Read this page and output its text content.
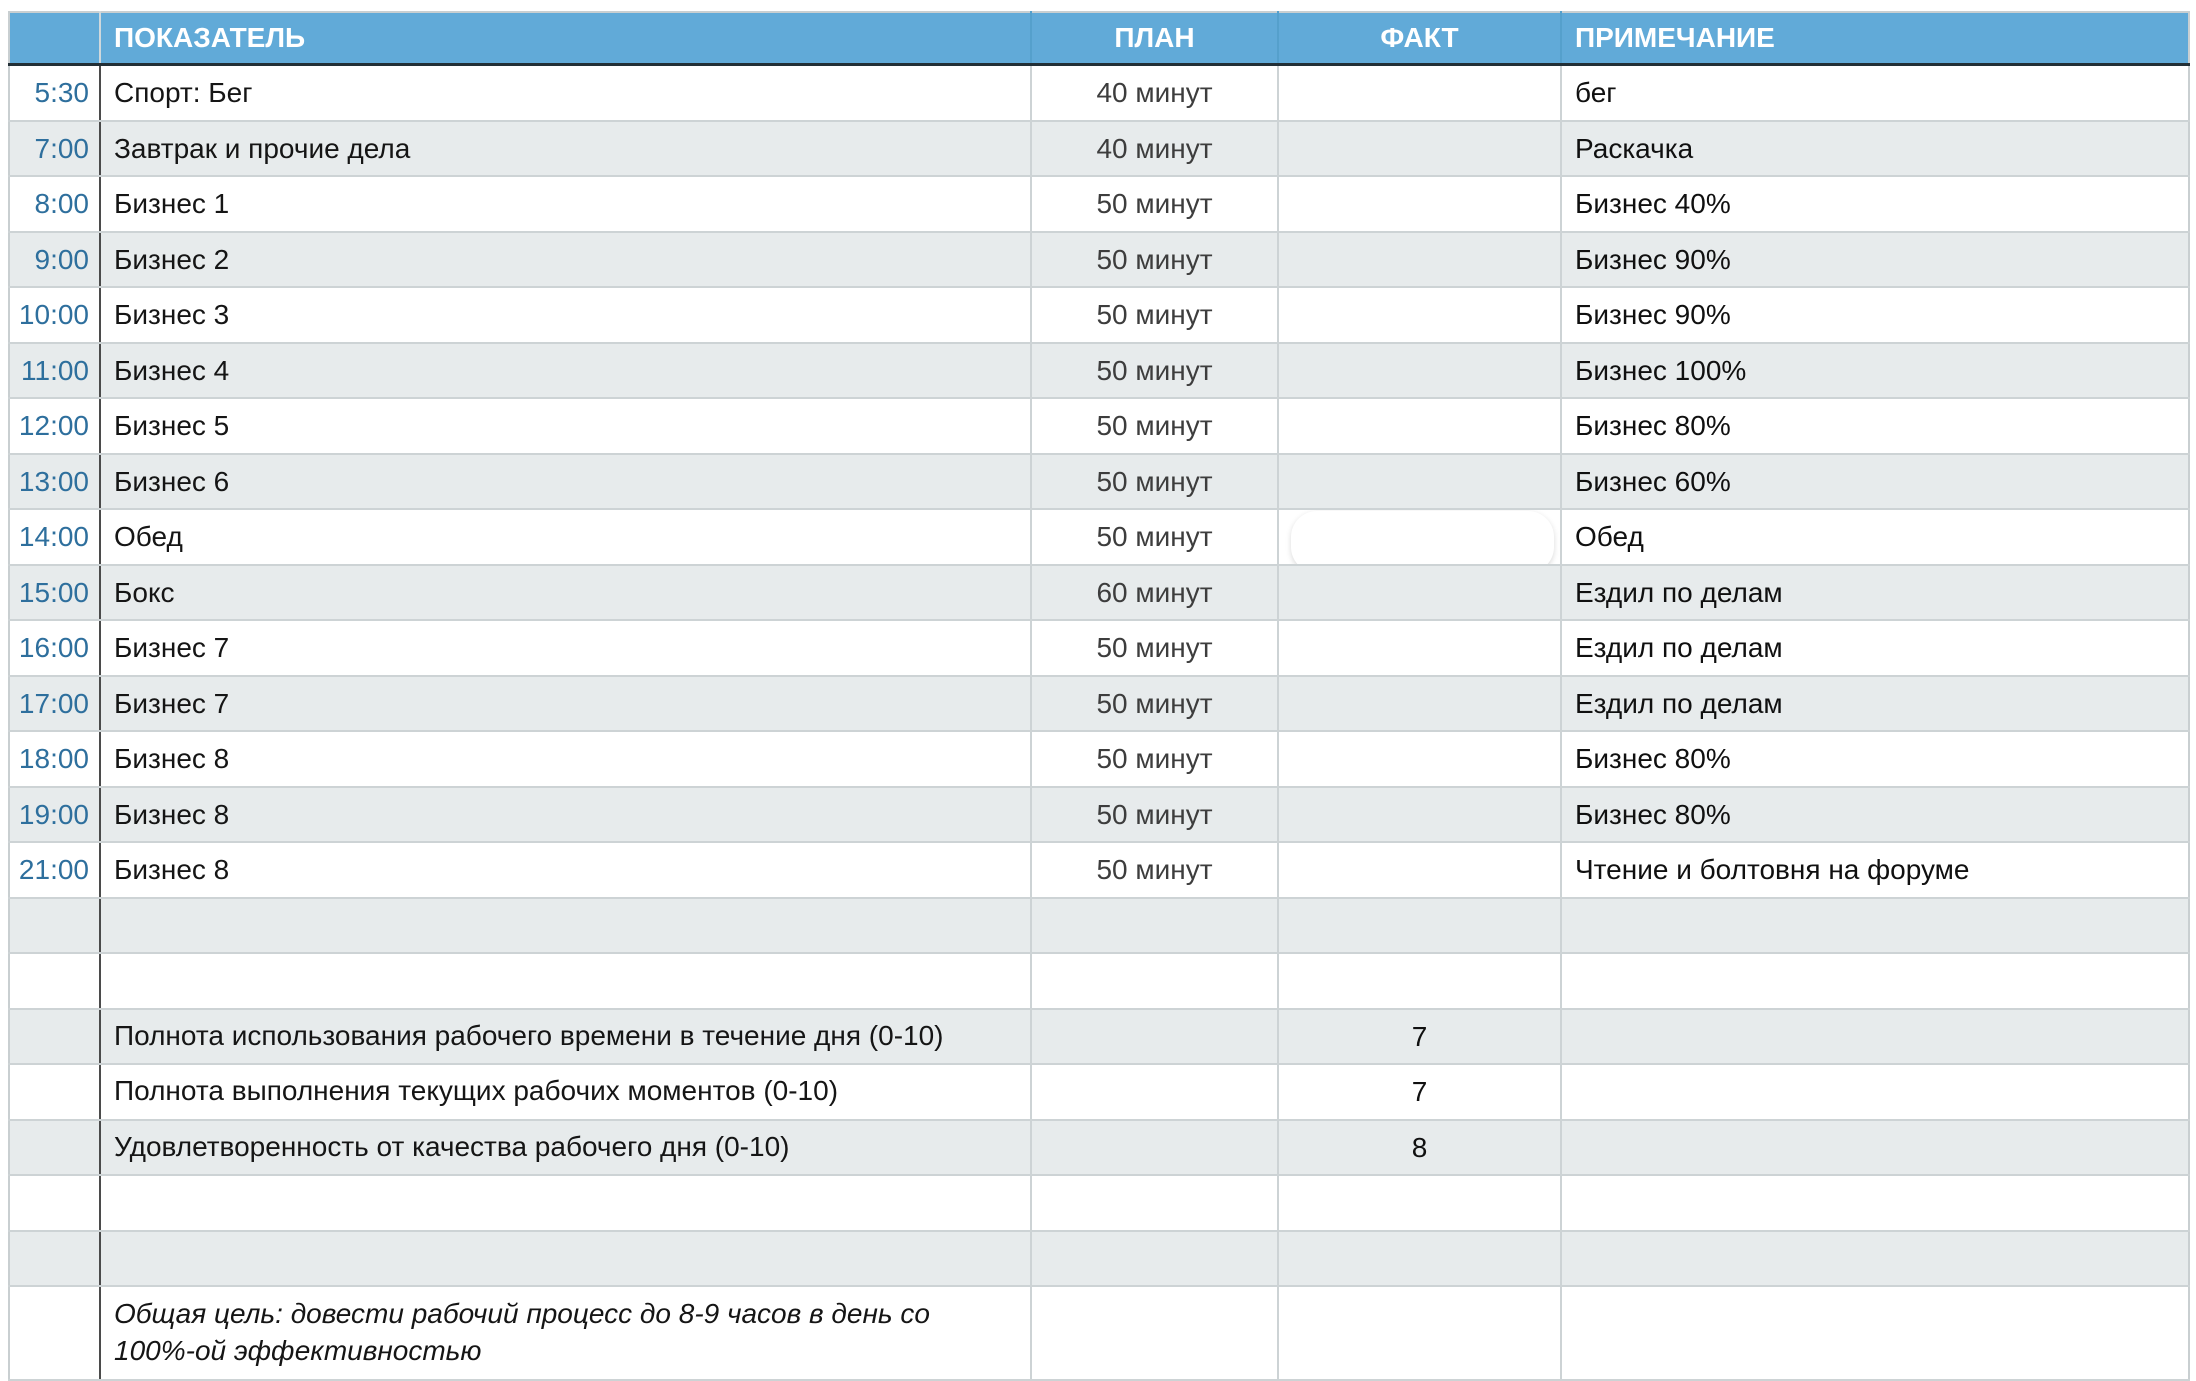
	ПОКАЗАТЕЛЬ	ПЛАН	ФАКТ	ПРИМЕЧАНИЕ
5:30	Спорт: Бег	40 минут		бег
7:00	Завтрак и прочие дела	40 минут		Раскачка
8:00	Бизнес 1	50 минут		Бизнес 40%
9:00	Бизнес 2	50 минут		Бизнес 90%
10:00	Бизнес 3	50 минут		Бизнес 90%
11:00	Бизнес 4	50 минут		Бизнес 100%
12:00	Бизнес 5	50 минут		Бизнес 80%
13:00	Бизнес 6	50 минут		Бизнес 60%
14:00	Обед	50 минут		Обед
15:00	Бокс	60 минут		Ездил по делам
16:00	Бизнес 7	50 минут		Ездил по делам
17:00	Бизнес 7	50 минут		Ездил по делам
18:00	Бизнес 8	50 минут		Бизнес 80%
19:00	Бизнес 8	50 минут		Бизнес 80%
21:00	Бизнес 8	50 минут		Чтение и болтовня на форуме

	Полнота использования рабочего времени в течение дня (0-10)		7	
	Полнота выполнения текущих рабочих моментов (0-10)		7	
	Удовлетворенность от качества рабочего дня (0-10)		8	

	Общая цель: довести рабочий процесс до 8-9 часов в день со 100%-ой эффективностью			
